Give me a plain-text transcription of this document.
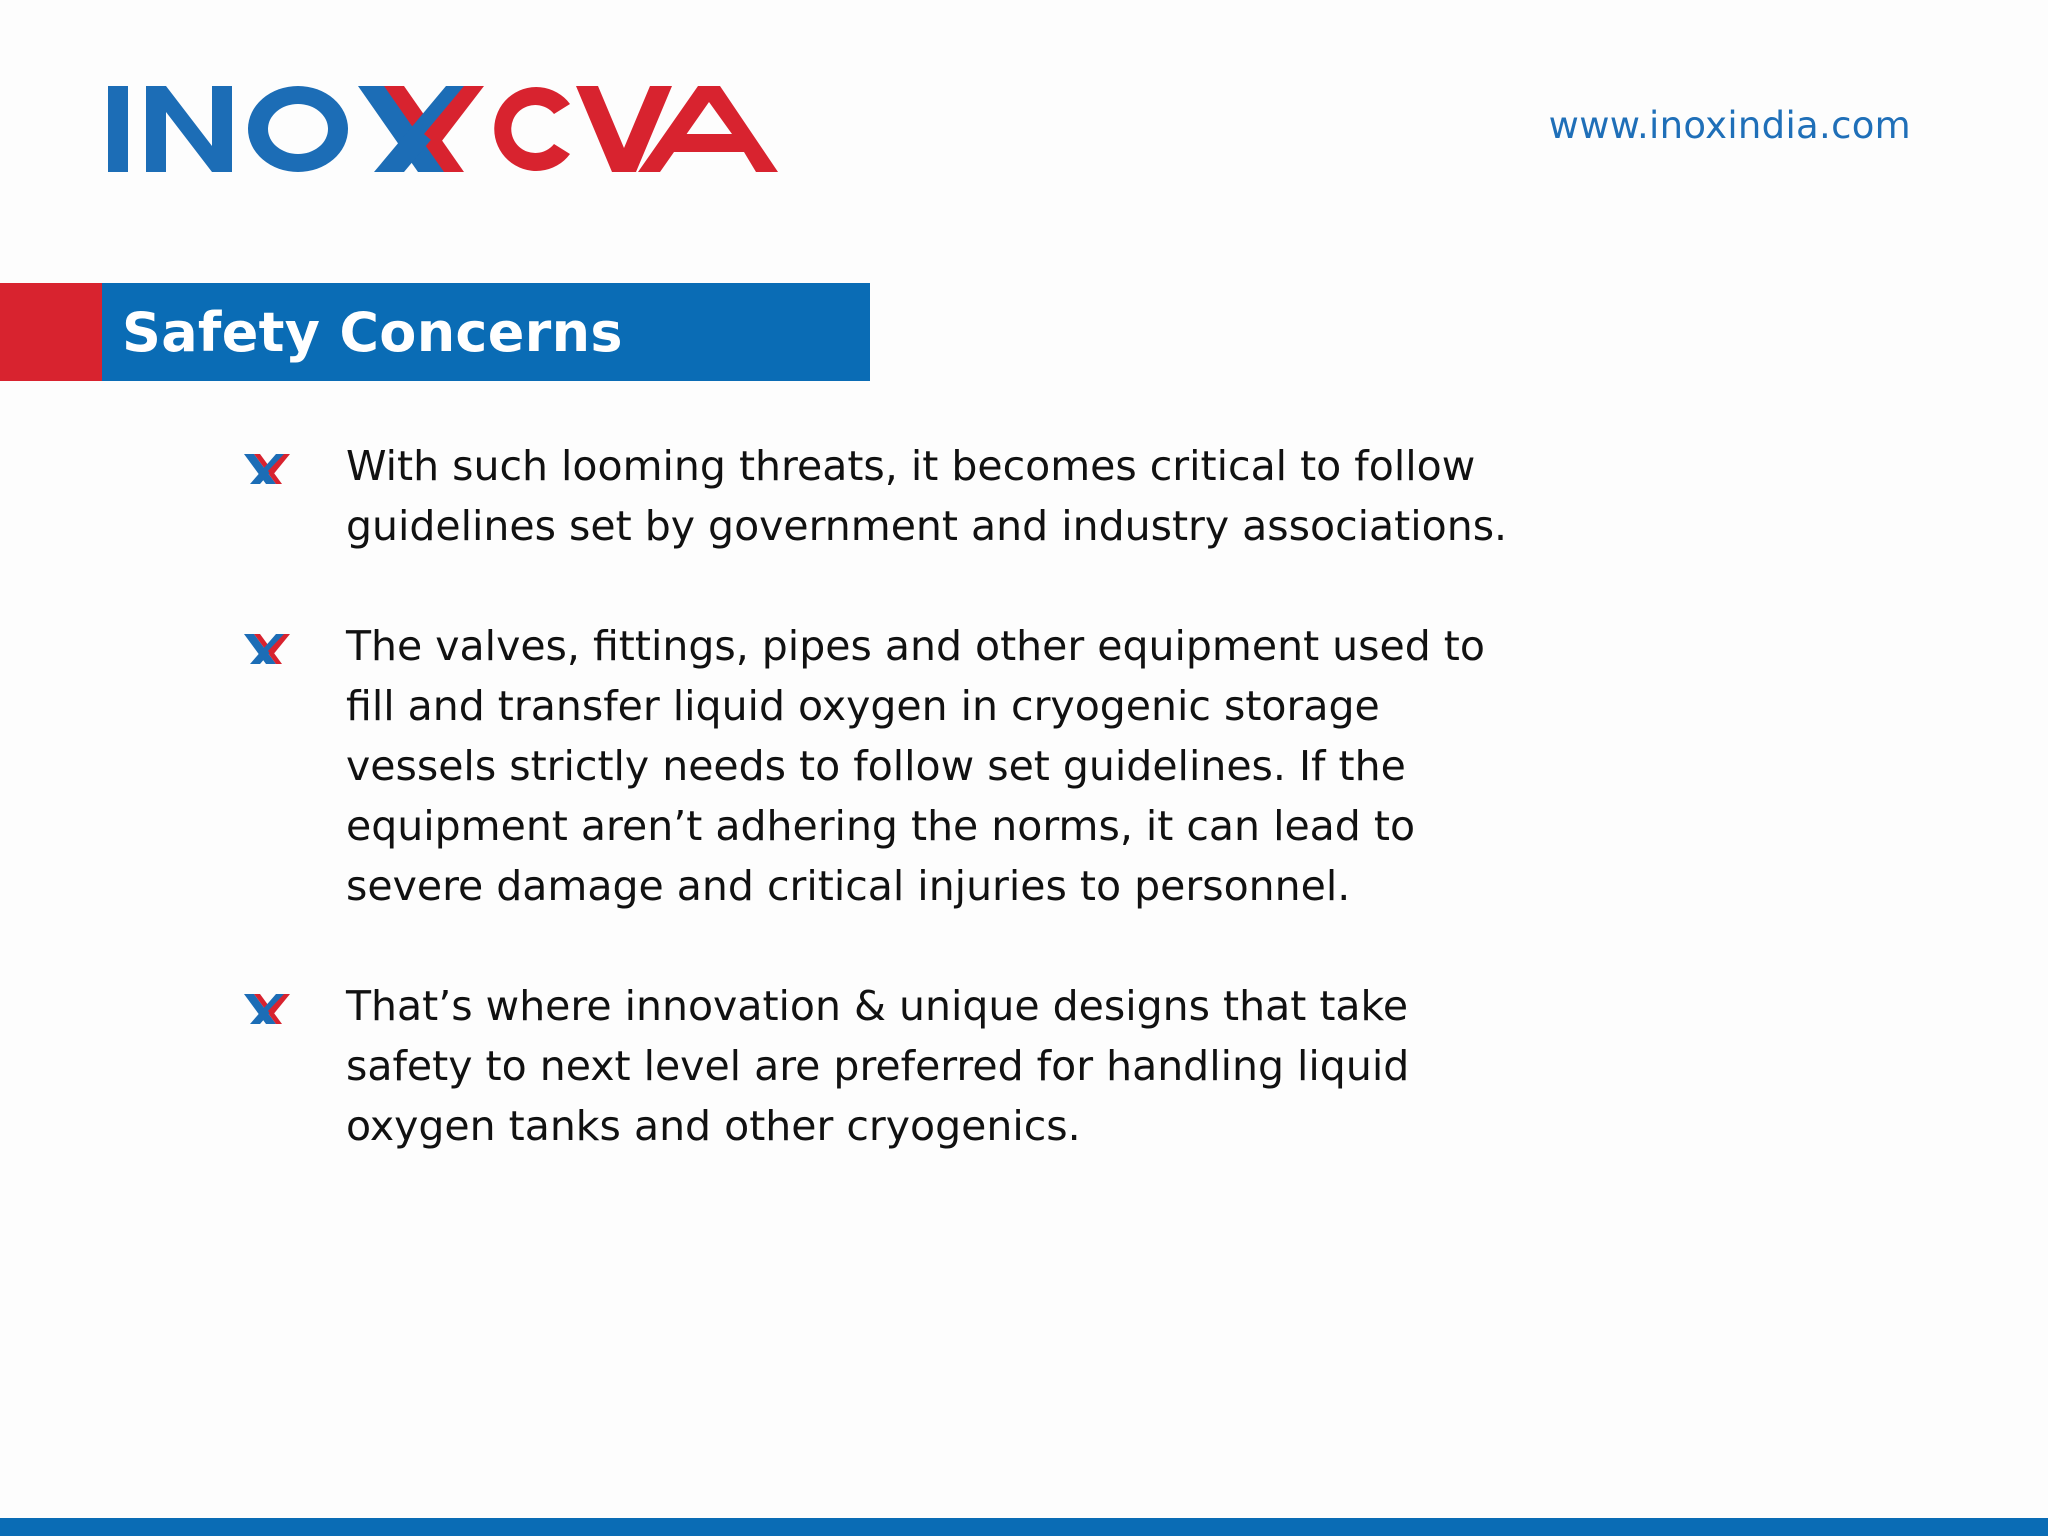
www.inoxindia.com
Safety Concerns
With such looming threats, it becomes critical to follow guidelines set by government and industry associations.
The valves, fittings, pipes and other equipment used to fill and transfer liquid oxygen in cryogenic storage vessels strictly needs to follow set guidelines. If the equipment aren’t adhering the norms, it can lead to severe damage and critical injuries to personnel.
That’s where innovation & unique designs that take safety to next level are preferred for handling liquid oxygen tanks and other cryogenics.
